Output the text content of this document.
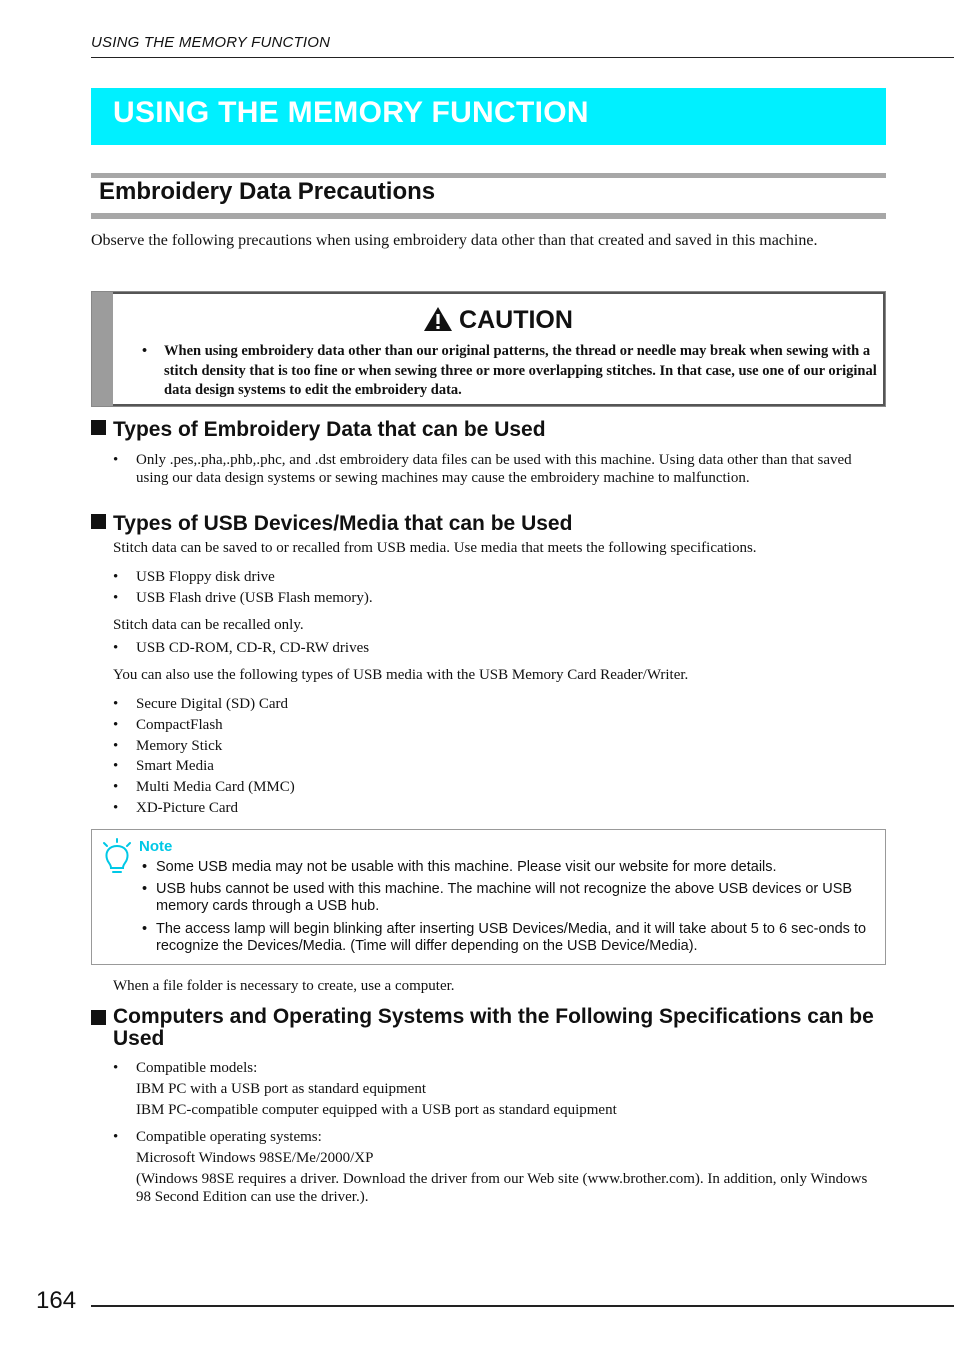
USING THE MEMORY FUNCTION
USING THE MEMORY FUNCTION
Embroidery Data Precautions
Observe the following precautions when using embroidery data other than that created and saved in this machine.
CAUTION
• When using embroidery data other than our original patterns, the thread or needle may break when sewing with a stitch density that is too fine or when sewing three or more overlapping stitches. In that case, use one of our original data design systems to edit the embroidery data.
Types of Embroidery Data that can be Used
• Only .pes,.pha,.phb,.phc, and .dst embroidery data files can be used with this machine. Using data other than that saved using our data design systems or sewing machines may cause the embroidery machine to malfunction.
Types of USB Devices/Media that can be Used
Stitch data can be saved to or recalled from USB media. Use media that meets the following specifications.
• USB Floppy disk drive
• USB Flash drive (USB Flash memory).
Stitch data can be recalled only.
• USB CD-ROM, CD-R, CD-RW drives
You can also use the following types of USB media with the USB Memory Card Reader/Writer.
• Secure Digital (SD) Card
• CompactFlash
• Memory Stick
• Smart Media
• Multi Media Card (MMC)
• XD-Picture Card
Note
• Some USB media may not be usable with this machine. Please visit our website for more details.
• USB hubs cannot be used with this machine. The machine will not recognize the above USB devices or USB memory cards through a USB hub.
• The access lamp will begin blinking after inserting USB Devices/Media, and it will take about 5 to 6 sec-onds to recognize the Devices/Media. (Time will differ depending on the USB Device/Media).
When a file folder is necessary to create, use a computer.
Computers and Operating Systems with the Following Specifications can be Used
• Compatible models:
IBM PC with a USB port as standard equipment
IBM PC-compatible computer equipped with a USB port as standard equipment
• Compatible operating systems:
Microsoft Windows 98SE/Me/2000/XP
(Windows 98SE requires a driver. Download the driver from our Web site (www.brother.com). In addition, only Windows 98 Second Edition can use the driver.).
164
